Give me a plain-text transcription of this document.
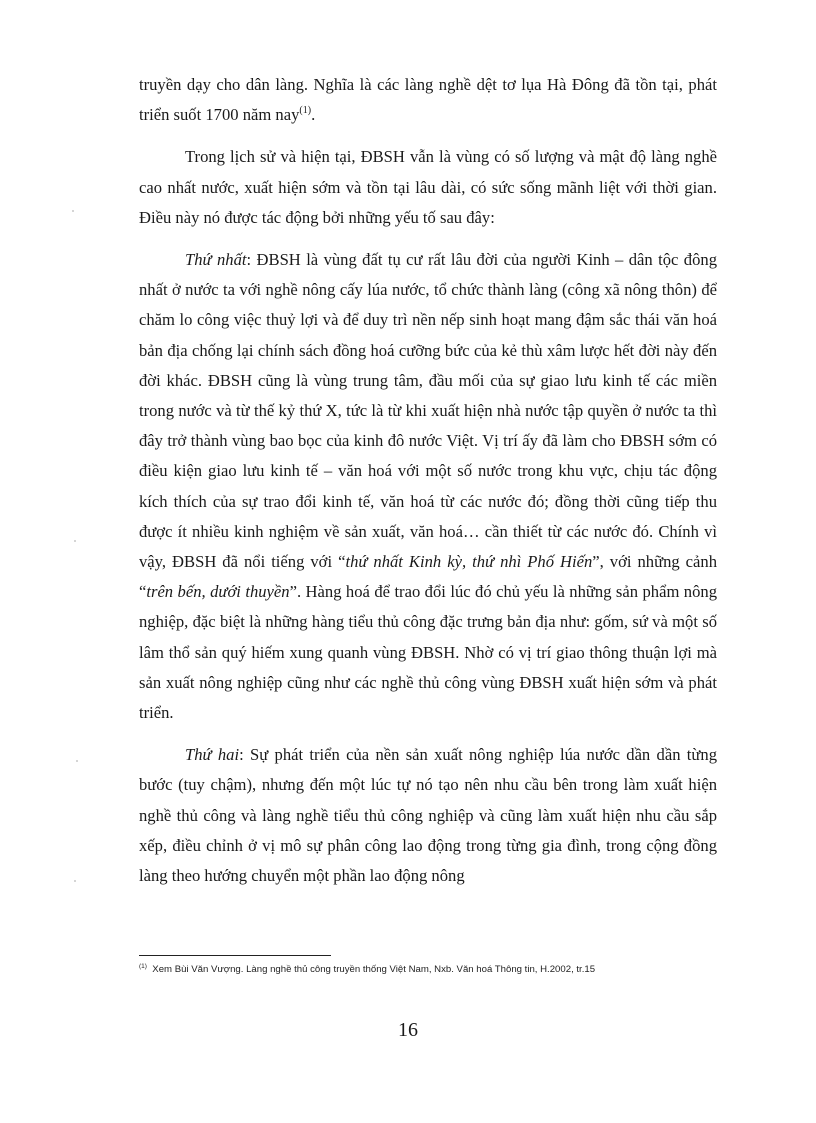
truyền dạy cho dân làng. Nghĩa là các làng nghề dệt tơ lụa Hà Đông đã tồn tại, phát triển suốt 1700 năm nay$^{(1)}$.

Trong lịch sử và hiện tại, ĐBSH vẫn là vùng có số lượng và mật độ làng nghề cao nhất nước, xuất hiện sớm và tồn tại lâu dài, có sức sống mãnh liệt với thời gian. Điều này nó được tác động bởi những yếu tố sau đây:

Thứ nhất: ĐBSH là vùng đất tụ cư rất lâu đời của người Kinh – dân tộc đông nhất ở nước ta với nghề nông cấy lúa nước, tổ chức thành làng (công xã nông thôn) để chăm lo công việc thuỷ lợi và để duy trì nền nếp sinh hoạt mang đậm sắc thái văn hoá bản địa chống lại chính sách đồng hoá cưỡng bức của kẻ thù xâm lược hết đời này đến đời khác. ĐBSH cũng là vùng trung tâm, đầu mối của sự giao lưu kinh tế các miền trong nước và từ thế kỷ thứ X, tức là từ khi xuất hiện nhà nước tập quyền ở nước ta thì đây trở thành vùng bao bọc của kinh đô nước Việt. Vị trí ấy đã làm cho ĐBSH sớm có điều kiện giao lưu kinh tế – văn hoá với một số nước trong khu vực, chịu tác động kích thích của sự trao đổi kinh tế, văn hoá từ các nước đó; đồng thời cũng tiếp thu được ít nhiều kinh nghiệm về sản xuất, văn hoá… cần thiết từ các nước đó. Chính vì vậy, ĐBSH đã nổi tiếng với “thứ nhất Kinh kỳ, thứ nhì Phố Hiến”, với những cảnh “trên bến, dưới thuyền”. Hàng hoá để trao đổi lúc đó chủ yếu là những sản phẩm nông nghiệp, đặc biệt là những hàng tiểu thủ công đặc trưng bản địa như: gốm, sứ và một số lâm thổ sản quý hiếm xung quanh vùng ĐBSH. Nhờ có vị trí giao thông thuận lợi mà sản xuất nông nghiệp cũng như các nghề thủ công vùng ĐBSH xuất hiện sớm và phát triển.

Thứ hai: Sự phát triển của nền sản xuất nông nghiệp lúa nước dần dần từng bước (tuy chậm), nhưng đến một lúc tự nó tạo nên nhu cầu bên trong làm xuất hiện nghề thủ công và làng nghề tiểu thủ công nghiệp và cũng làm xuất hiện nhu cầu sắp xếp, điều chỉnh ở vị mô sự phân công lao động trong từng gia đình, trong cộng đồng làng theo hướng chuyển một phần lao động nông

$^{(1)}$ Xem Bùi Văn Vượng. Làng nghề thủ công truyền thống Việt Nam, Nxb. Văn hoá Thông tin, H.2002, tr.15
16
